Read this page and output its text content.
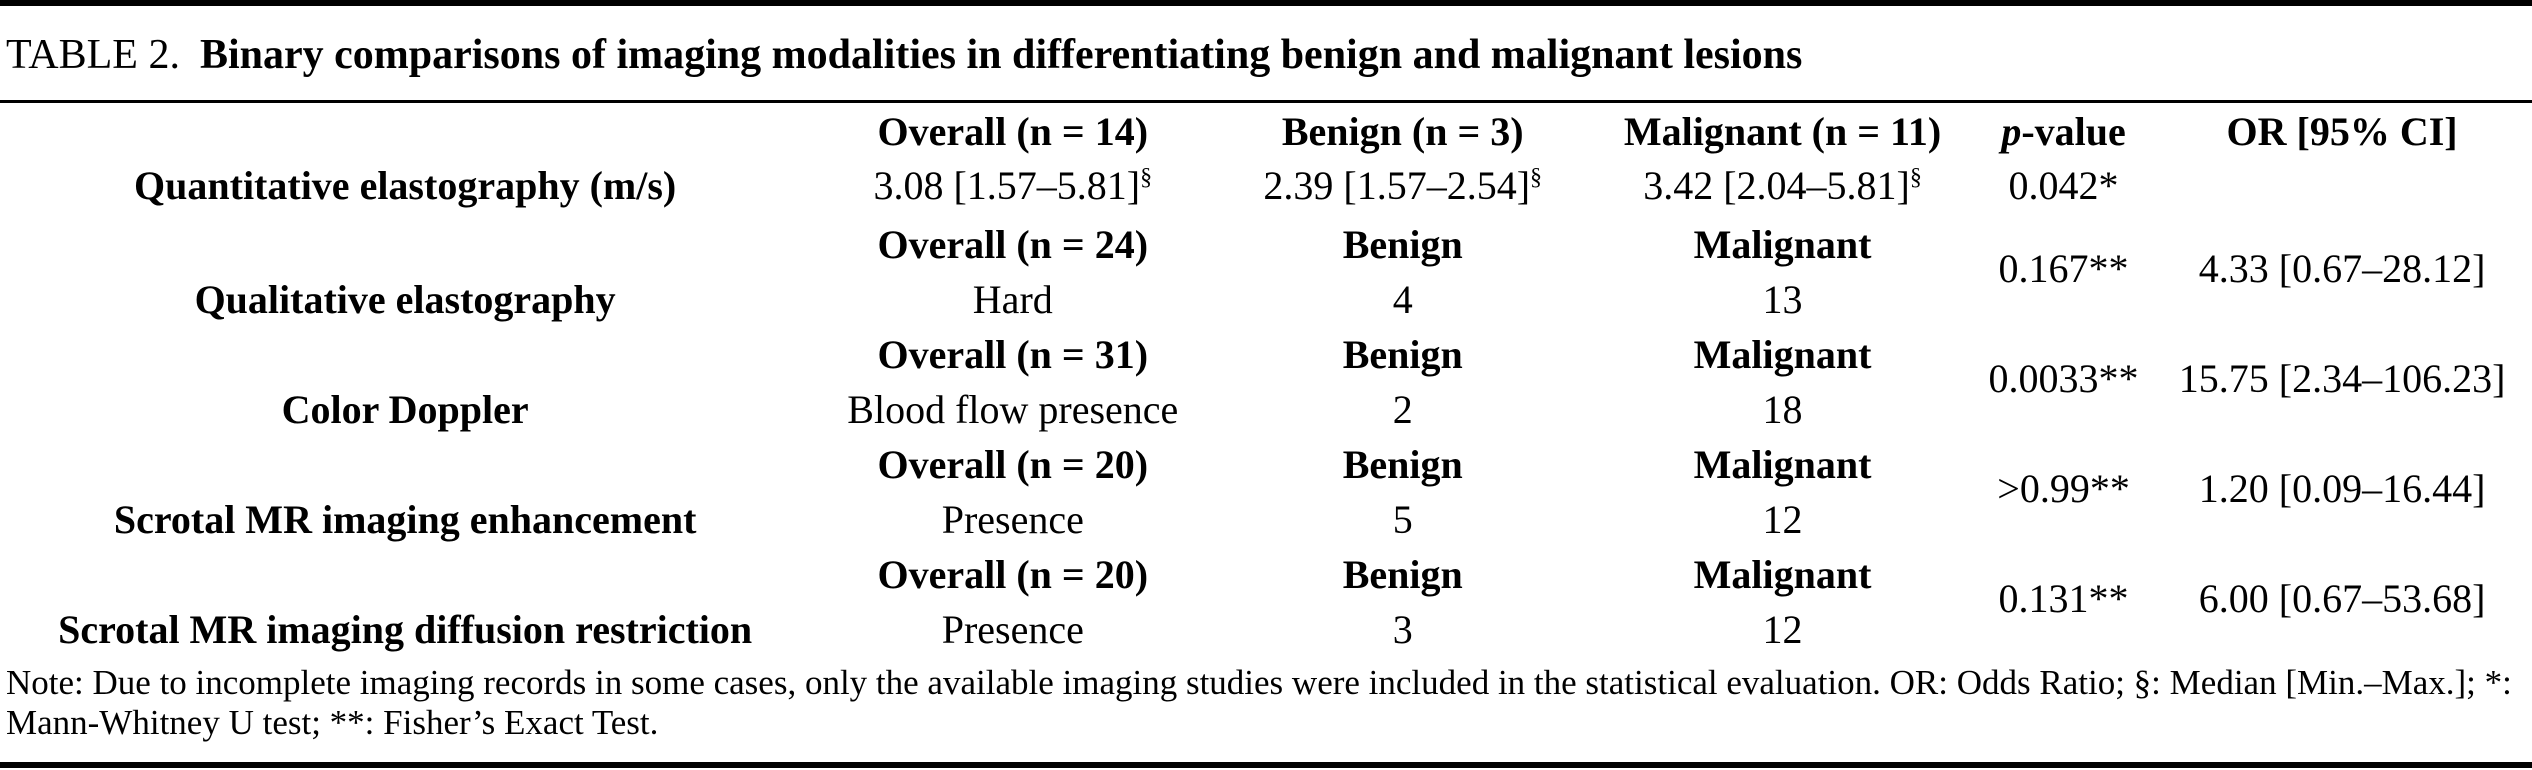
TABLE 2. Binary comparisons of imaging modalities in differentiating benign and malignant lesions
	Overall (n = 14)	Benign (n = 3)	Malignant (n = 11)	p-value	OR [95% CI]
Quantitative elastography (m/s)	3.08 [1.57–5.81]§	2.39 [1.57–2.54]§	3.42 [2.04–5.81]§	0.042*	
	Overall (n = 24)	Benign	Malignant	0.167**	4.33 [0.67–28.12]
Qualitative elastography	Hard	4	13		
	Overall (n = 31)	Benign	Malignant	0.0033**	15.75 [2.34–106.23]
Color Doppler	Blood flow presence	2	18		
	Overall (n = 20)	Benign	Malignant	>0.99**	1.20 [0.09–16.44]
Scrotal MR imaging enhancement	Presence	5	12		
	Overall (n = 20)	Benign	Malignant	0.131**	6.00 [0.67–53.68]
Scrotal MR imaging diffusion restriction	Presence	3	12		
Note: Due to incomplete imaging records in some cases, only the available imaging studies were included in the statistical evaluation. OR: Odds Ratio; §: Median [Min.–Max.]; *: Mann-Whitney U test; **: Fisher’s Exact Test.
